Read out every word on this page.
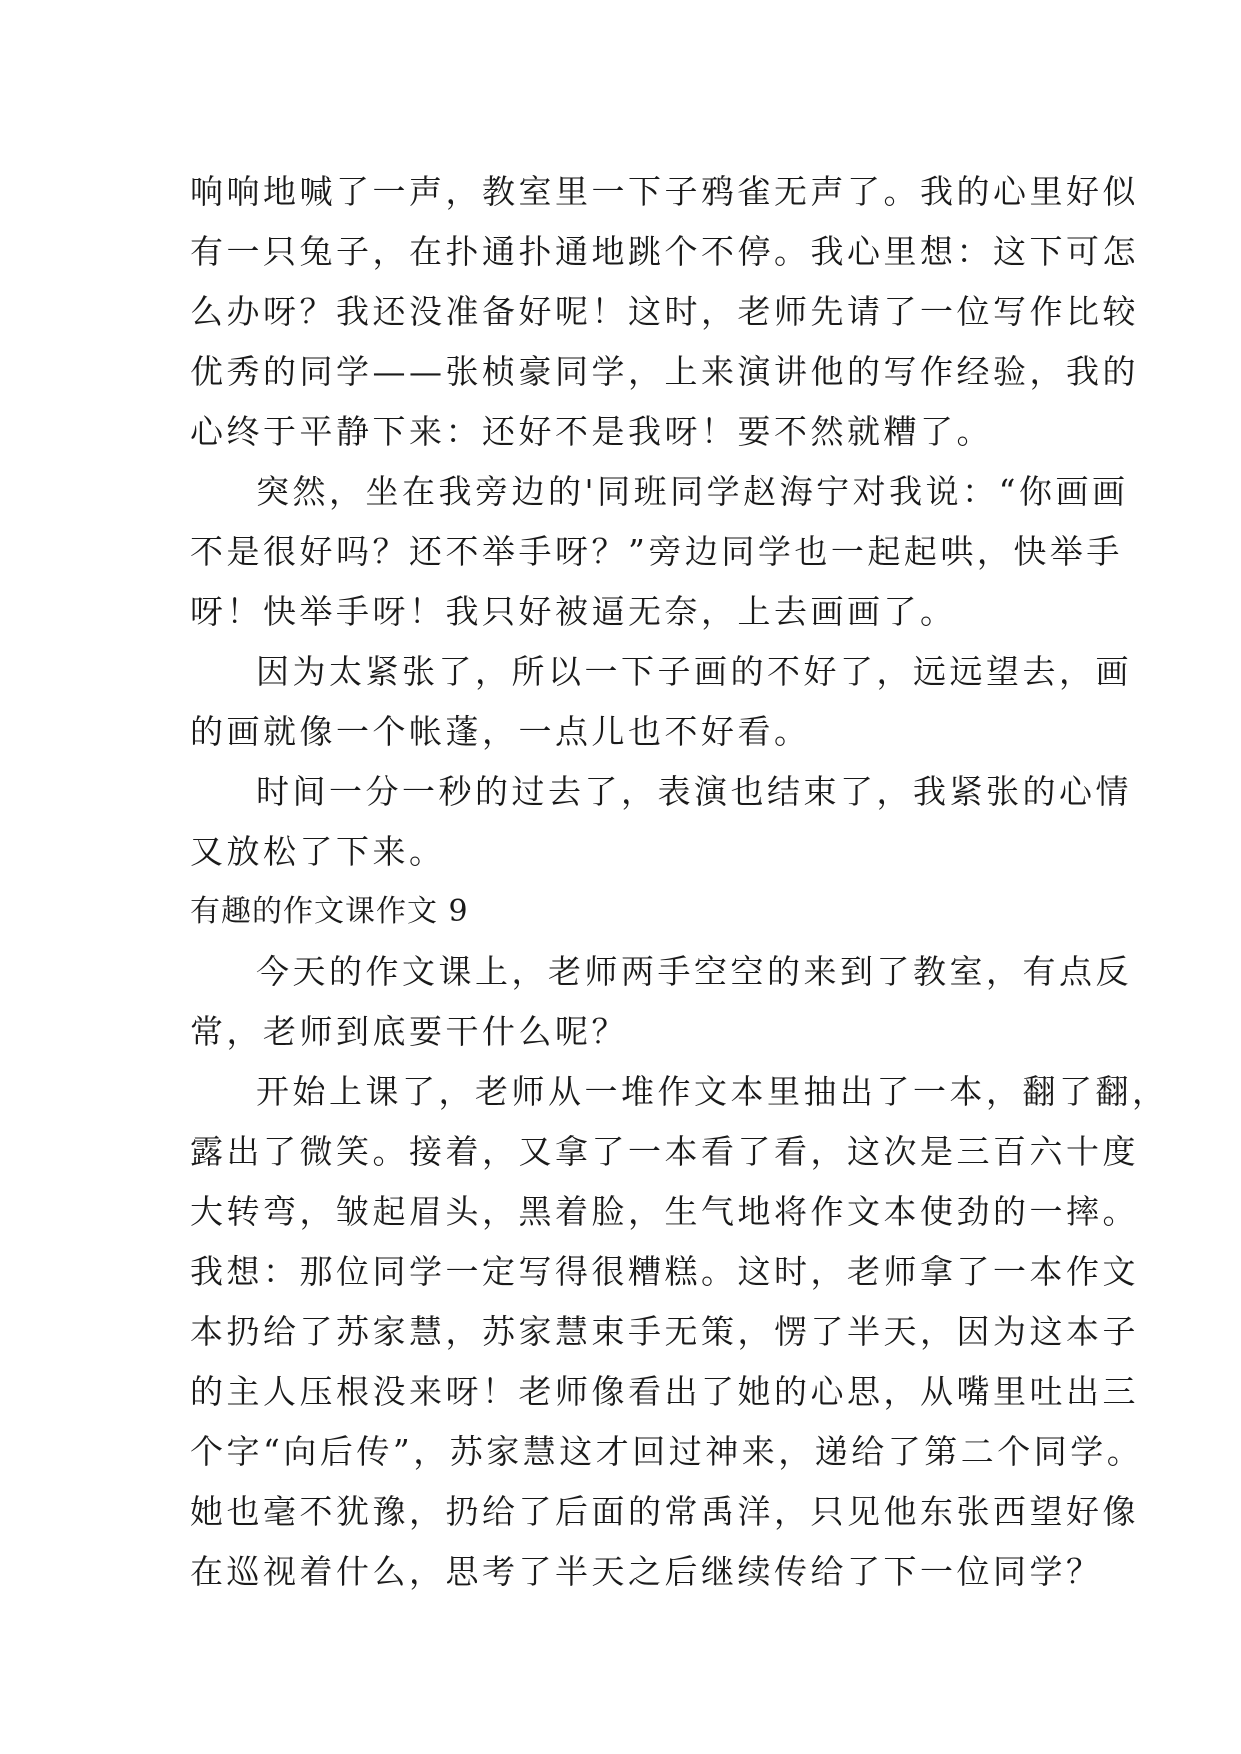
响响地喊了一声，教室里一下子鸦雀无声了。我的心里好似
有一只兔子，在扑通扑通地跳个不停。我心里想：这下可怎
么办呀？我还没准备好呢！这时，老师先请了一位写作比较
优秀的同学——张桢豪同学，上来演讲他的写作经验，我的
心终于平静下来：还好不是我呀！要不然就糟了。
突然，坐在我旁边的'同班同学赵海宁对我说：“你画画
不是很好吗？还不举手呀？”旁边同学也一起起哄，快举手
呀！快举手呀！我只好被逼无奈，上去画画了。
因为太紧张了，所以一下子画的不好了，远远望去，画
的画就像一个帐蓬，一点儿也不好看。
时间一分一秒的过去了，表演也结束了，我紧张的心情
又放松了下来。
有趣的作文课作文 9
今天的作文课上，老师两手空空的来到了教室，有点反
常，老师到底要干什么呢？
开始上课了，老师从一堆作文本里抽出了一本，翻了翻，
露出了微笑。接着，又拿了一本看了看，这次是三百六十度
大转弯，皱起眉头，黑着脸，生气地将作文本使劲的一摔。
我想：那位同学一定写得很糟糕。这时，老师拿了一本作文
本扔给了苏家慧，苏家慧束手无策，愣了半天，因为这本子
的主人压根没来呀！老师像看出了她的心思，从嘴里吐出三
个字“向后传”，苏家慧这才回过神来，递给了第二个同学。
她也毫不犹豫，扔给了后面的常禹洋，只见他东张西望好像
在巡视着什么，思考了半天之后继续传给了下一位同学？
